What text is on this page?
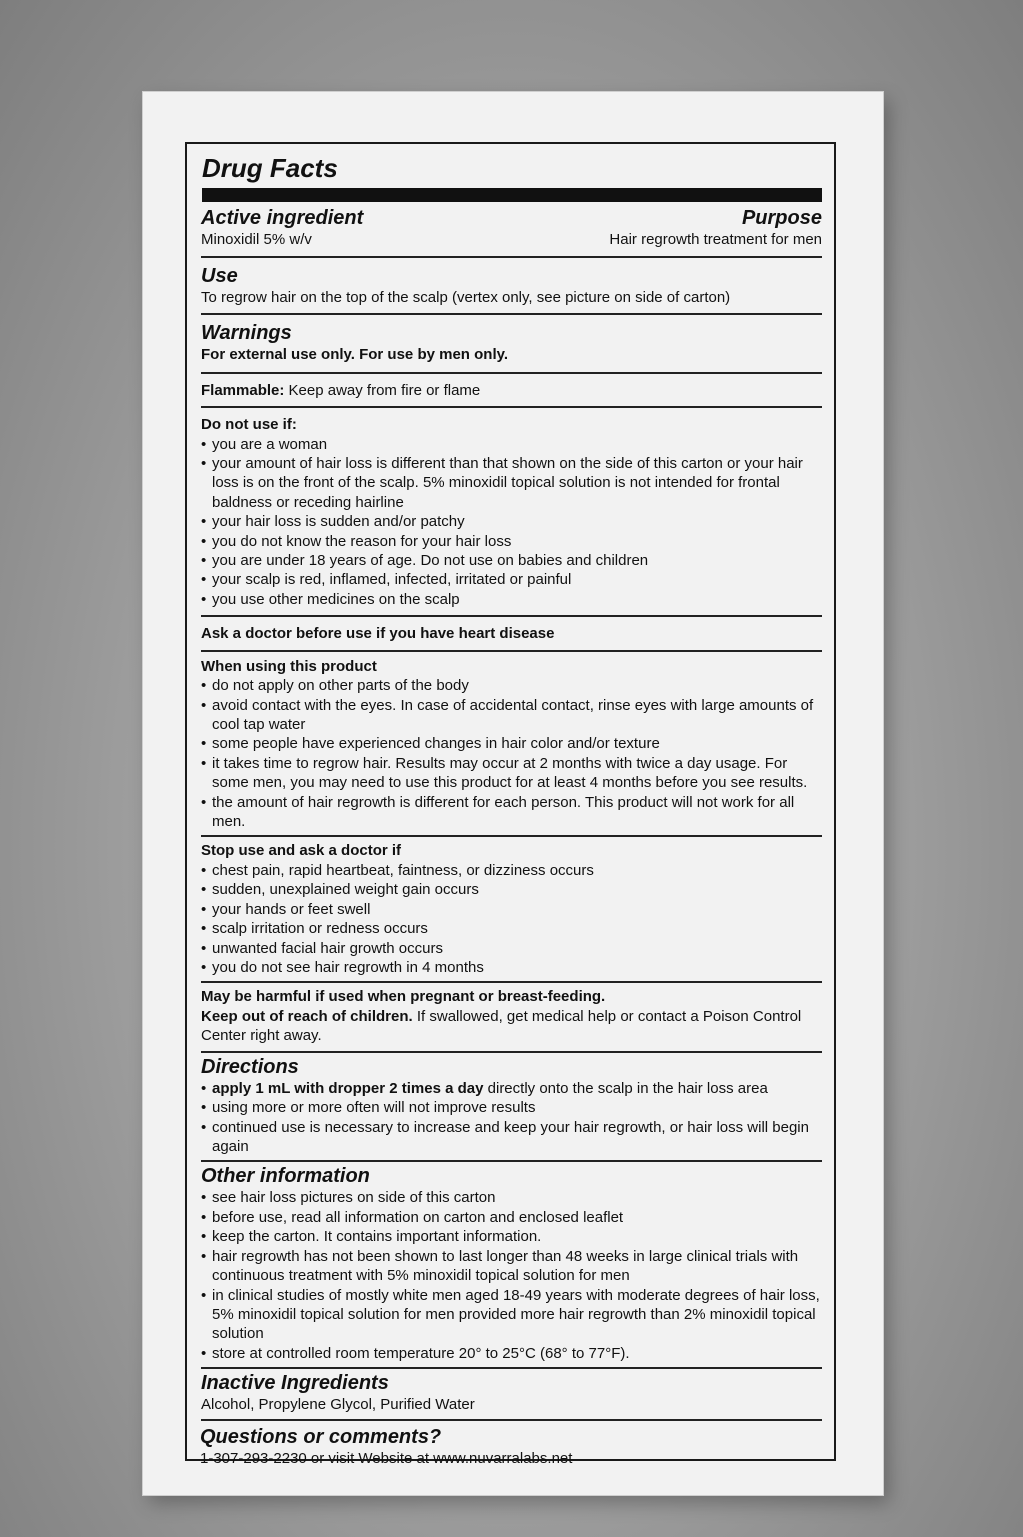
Drug Facts
Active ingredient	Purpose
Minoxidil 5% w/v	Hair regrowth treatment for men
Use
To regrow hair on the top of the scalp (vertex only, see picture on side of carton)
Warnings
For external use only. For use by men only.
Flammable: Keep away from fire or flame
Do not use if:
• you are a woman
• your amount of hair loss is different than that shown on the side of this carton or your hair loss is on the front of the scalp. 5% minoxidil topical solution is not intended for frontal baldness or receding hairline
• your hair loss is sudden and/or patchy
• you do not know the reason for your hair loss
• you are under 18 years of age. Do not use on babies and children
• your scalp is red, inflamed, infected, irritated or painful
• you use other medicines on the scalp
Ask a doctor before use if you have heart disease
When using this product
• do not apply on other parts of the body
• avoid contact with the eyes. In case of accidental contact, rinse eyes with large amounts of cool tap water
• some people have experienced changes in hair color and/or texture
• it takes time to regrow hair. Results may occur at 2 months with twice a day usage. For some men, you may need to use this product for at least 4 months before you see results.
• the amount of hair regrowth is different for each person. This product will not work for all men.
Stop use and ask a doctor if
• chest pain, rapid heartbeat, faintness, or dizziness occurs
• sudden, unexplained weight gain occurs
• your hands or feet swell
• scalp irritation or redness occurs
• unwanted facial hair growth occurs
• you do not see hair regrowth in 4 months
May be harmful if used when pregnant or breast-feeding.
Keep out of reach of children. If swallowed, get medical help or contact a Poison Control Center right away.
Directions
• apply 1 mL with dropper 2 times a day directly onto the scalp in the hair loss area
• using more or more often will not improve results
• continued use is necessary to increase and keep your hair regrowth, or hair loss will begin again
Other information
• see hair loss pictures on side of this carton
• before use, read all information on carton and enclosed leaflet
• keep the carton. It contains important information.
• hair regrowth has not been shown to last longer than 48 weeks in large clinical trials with continuous treatment with 5% minoxidil topical solution for men
• in clinical studies of mostly white men aged 18-49 years with moderate degrees of hair loss, 5% minoxidil topical solution for men provided more hair regrowth than 2% minoxidil topical solution
• store at controlled room temperature 20° to 25°C (68° to 77°F).
Inactive Ingredients
Alcohol, Propylene Glycol, Purified Water
Questions or comments?
1-307-293-2230 or visit Website at www.nuvarralabs.net
